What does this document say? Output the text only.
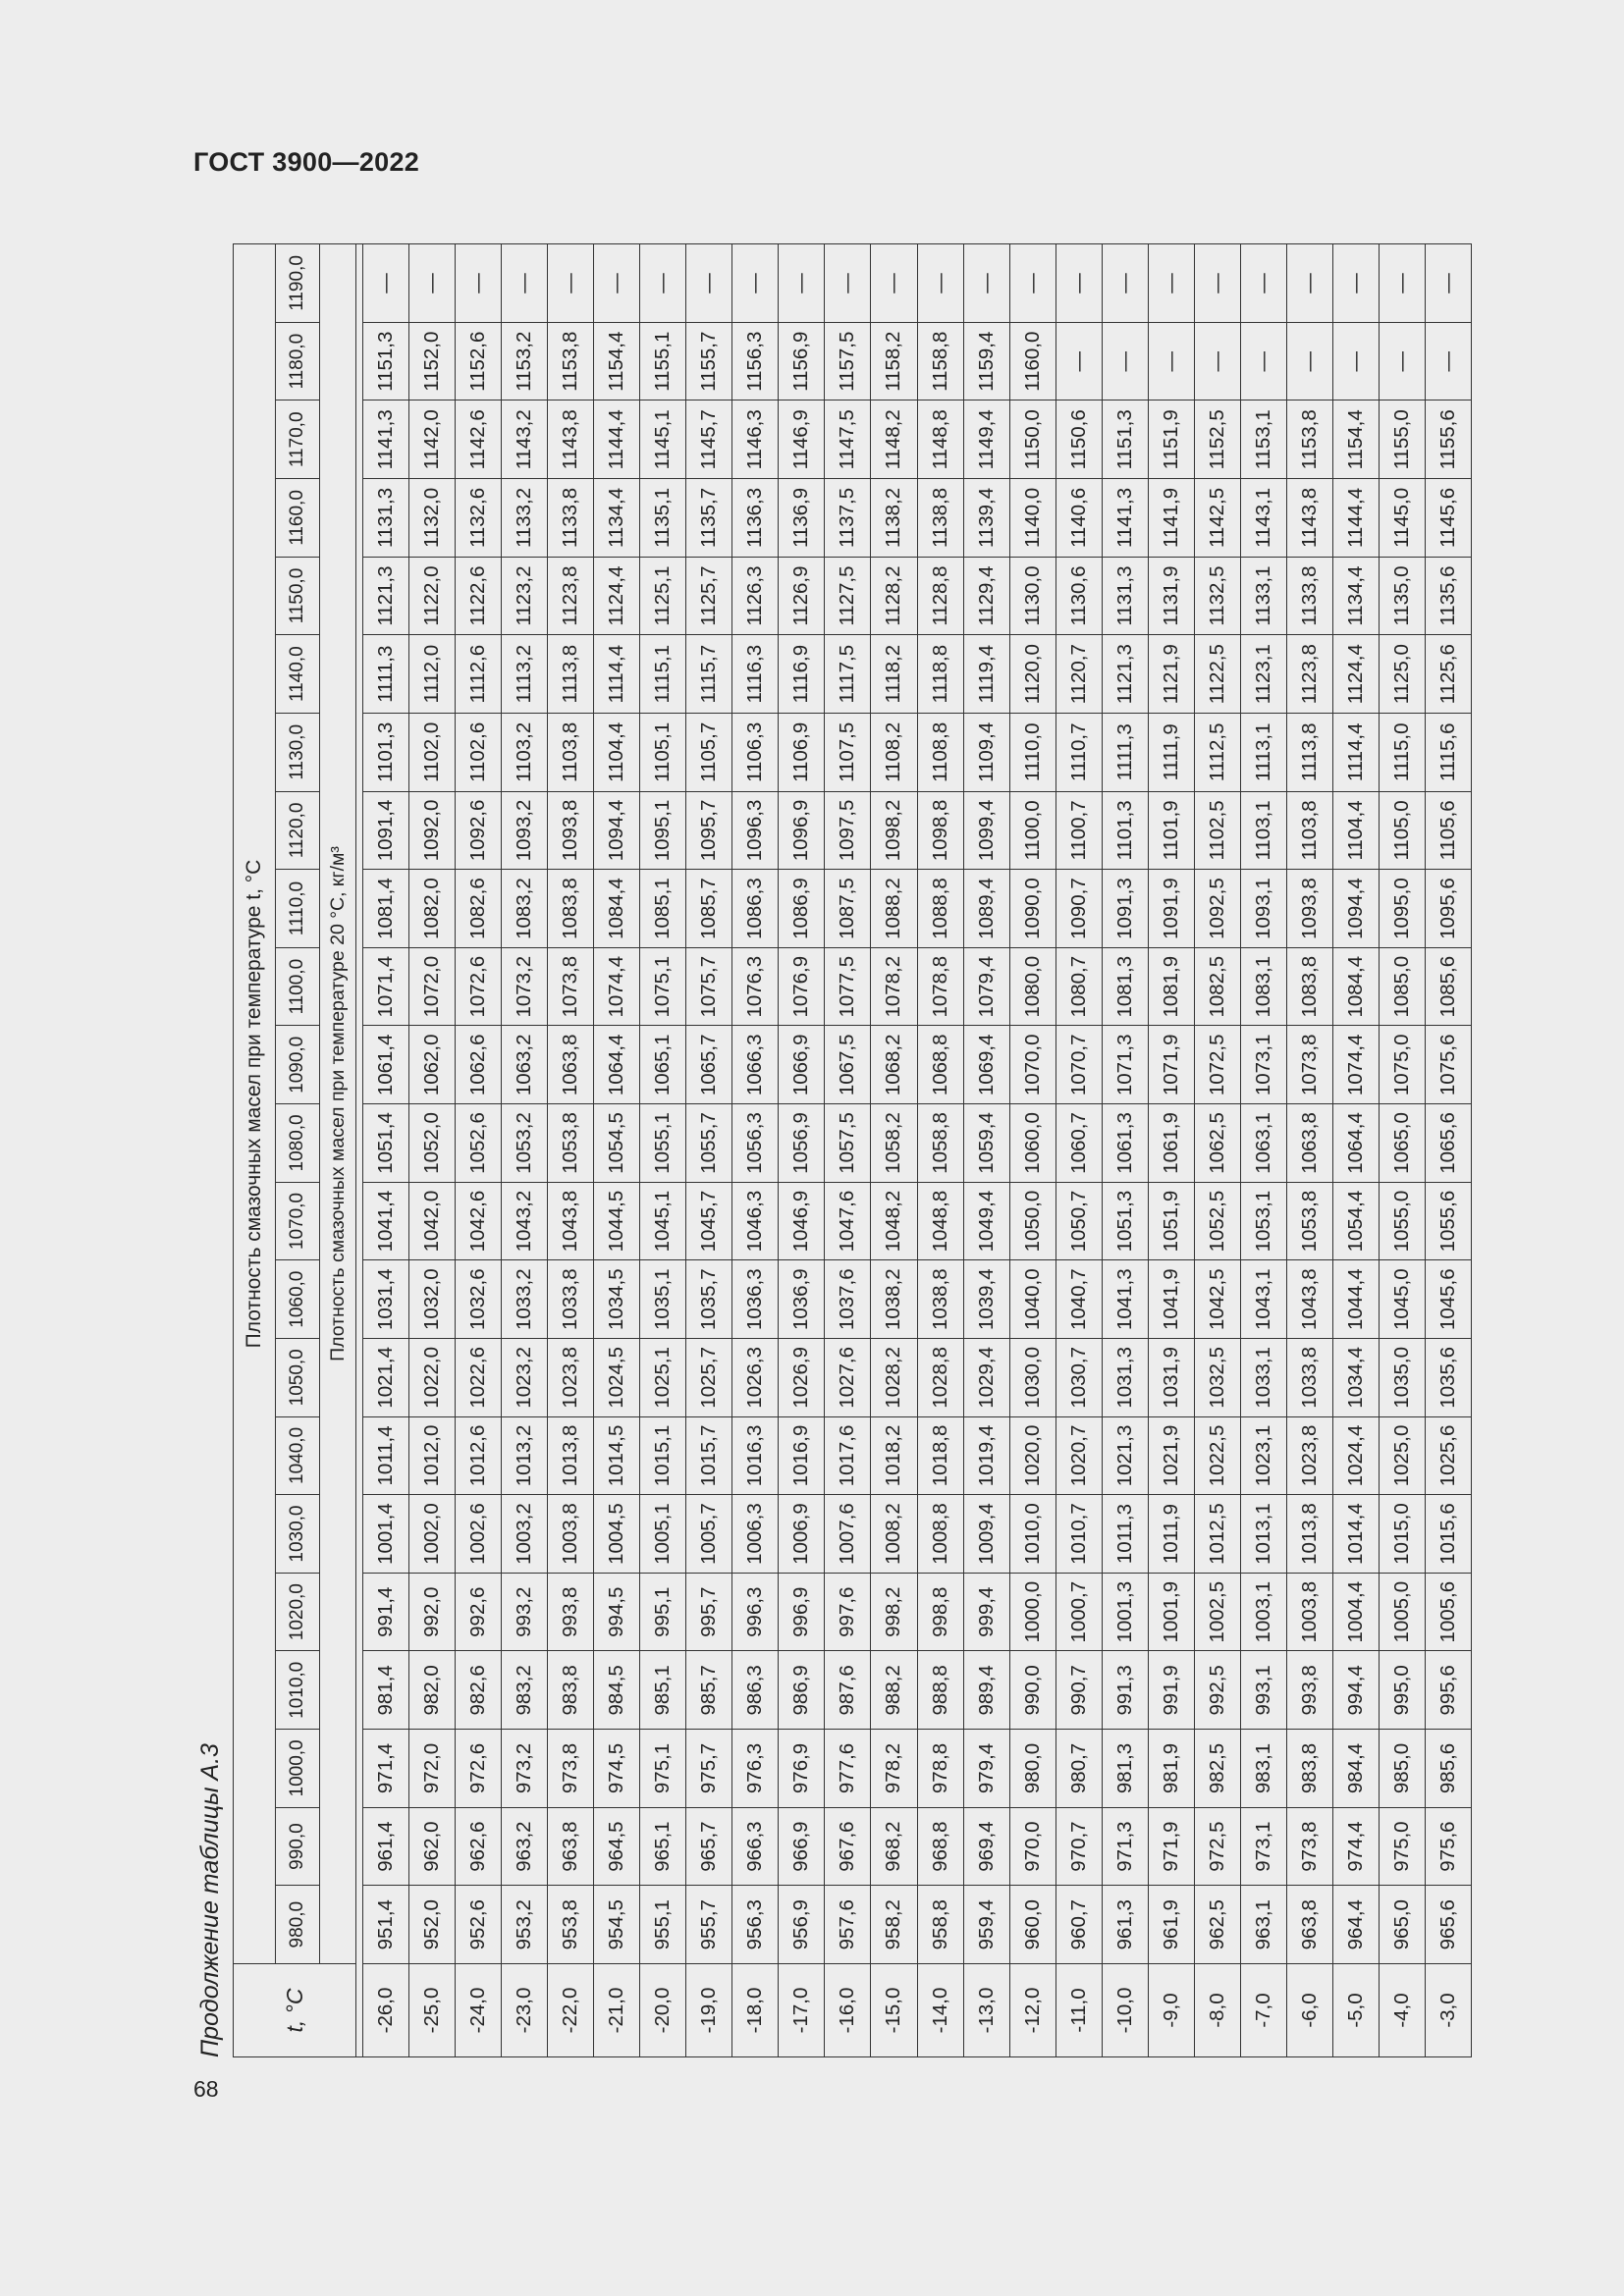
ГОСТ 3900—2022
68
Продолжение таблицы А.3	t, °C	Плотность смазочных масел при температуре t, °C																					
	980,0	990,0	1000,0	1010,0	1020,0	1030,0	1040,0	1050,0	1060,0	1070,0	1080,0	1090,0	1100,0	1110,0	1120,0	1130,0	1140,0	1150,0	1160,0	1170,0	1180,0	1190,0
	Плотность смазочных масел при температуре 20 °C, кг/м³																					

-26,0	951,4	961,4	971,4	981,4	991,4	1001,4	1011,4	1021,4	1031,4	1041,4	1051,4	1061,4	1071,4	1081,4	1091,4	1101,3	1111,3	1121,3	1131,3	1141,3	1151,3	—
-25,0	952,0	962,0	972,0	982,0	992,0	1002,0	1012,0	1022,0	1032,0	1042,0	1052,0	1062,0	1072,0	1082,0	1092,0	1102,0	1112,0	1122,0	1132,0	1142,0	1152,0	—
-24,0	952,6	962,6	972,6	982,6	992,6	1002,6	1012,6	1022,6	1032,6	1042,6	1052,6	1062,6	1072,6	1082,6	1092,6	1102,6	1112,6	1122,6	1132,6	1142,6	1152,6	—
-23,0	953,2	963,2	973,2	983,2	993,2	1003,2	1013,2	1023,2	1033,2	1043,2	1053,2	1063,2	1073,2	1083,2	1093,2	1103,2	1113,2	1123,2	1133,2	1143,2	1153,2	—
-22,0	953,8	963,8	973,8	983,8	993,8	1003,8	1013,8	1023,8	1033,8	1043,8	1053,8	1063,8	1073,8	1083,8	1093,8	1103,8	1113,8	1123,8	1133,8	1143,8	1153,8	—
-21,0	954,5	964,5	974,5	984,5	994,5	1004,5	1014,5	1024,5	1034,5	1044,5	1054,5	1064,4	1074,4	1084,4	1094,4	1104,4	1114,4	1124,4	1134,4	1144,4	1154,4	—
-20,0	955,1	965,1	975,1	985,1	995,1	1005,1	1015,1	1025,1	1035,1	1045,1	1055,1	1065,1	1075,1	1085,1	1095,1	1105,1	1115,1	1125,1	1135,1	1145,1	1155,1	—
-19,0	955,7	965,7	975,7	985,7	995,7	1005,7	1015,7	1025,7	1035,7	1045,7	1055,7	1065,7	1075,7	1085,7	1095,7	1105,7	1115,7	1125,7	1135,7	1145,7	1155,7	—
-18,0	956,3	966,3	976,3	986,3	996,3	1006,3	1016,3	1026,3	1036,3	1046,3	1056,3	1066,3	1076,3	1086,3	1096,3	1106,3	1116,3	1126,3	1136,3	1146,3	1156,3	—
-17,0	956,9	966,9	976,9	986,9	996,9	1006,9	1016,9	1026,9	1036,9	1046,9	1056,9	1066,9	1076,9	1086,9	1096,9	1106,9	1116,9	1126,9	1136,9	1146,9	1156,9	—
-16,0	957,6	967,6	977,6	987,6	997,6	1007,6	1017,6	1027,6	1037,6	1047,6	1057,5	1067,5	1077,5	1087,5	1097,5	1107,5	1117,5	1127,5	1137,5	1147,5	1157,5	—
-15,0	958,2	968,2	978,2	988,2	998,2	1008,2	1018,2	1028,2	1038,2	1048,2	1058,2	1068,2	1078,2	1088,2	1098,2	1108,2	1118,2	1128,2	1138,2	1148,2	1158,2	—
-14,0	958,8	968,8	978,8	988,8	998,8	1008,8	1018,8	1028,8	1038,8	1048,8	1058,8	1068,8	1078,8	1088,8	1098,8	1108,8	1118,8	1128,8	1138,8	1148,8	1158,8	—
-13,0	959,4	969,4	979,4	989,4	999,4	1009,4	1019,4	1029,4	1039,4	1049,4	1059,4	1069,4	1079,4	1089,4	1099,4	1109,4	1119,4	1129,4	1139,4	1149,4	1159,4	—
-12,0	960,0	970,0	980,0	990,0	1000,0	1010,0	1020,0	1030,0	1040,0	1050,0	1060,0	1070,0	1080,0	1090,0	1100,0	1110,0	1120,0	1130,0	1140,0	1150,0	1160,0	—
-11,0	960,7	970,7	980,7	990,7	1000,7	1010,7	1020,7	1030,7	1040,7	1050,7	1060,7	1070,7	1080,7	1090,7	1100,7	1110,7	1120,7	1130,6	1140,6	1150,6	—	—
-10,0	961,3	971,3	981,3	991,3	1001,3	1011,3	1021,3	1031,3	1041,3	1051,3	1061,3	1071,3	1081,3	1091,3	1101,3	1111,3	1121,3	1131,3	1141,3	1151,3	—	—
-9,0	961,9	971,9	981,9	991,9	1001,9	1011,9	1021,9	1031,9	1041,9	1051,9	1061,9	1071,9	1081,9	1091,9	1101,9	1111,9	1121,9	1131,9	1141,9	1151,9	—	—
-8,0	962,5	972,5	982,5	992,5	1002,5	1012,5	1022,5	1032,5	1042,5	1052,5	1062,5	1072,5	1082,5	1092,5	1102,5	1112,5	1122,5	1132,5	1142,5	1152,5	—	—
-7,0	963,1	973,1	983,1	993,1	1003,1	1013,1	1023,1	1033,1	1043,1	1053,1	1063,1	1073,1	1083,1	1093,1	1103,1	1113,1	1123,1	1133,1	1143,1	1153,1	—	—
-6,0	963,8	973,8	983,8	993,8	1003,8	1013,8	1023,8	1033,8	1043,8	1053,8	1063,8	1073,8	1083,8	1093,8	1103,8	1113,8	1123,8	1133,8	1143,8	1153,8	—	—
-5,0	964,4	974,4	984,4	994,4	1004,4	1014,4	1024,4	1034,4	1044,4	1054,4	1064,4	1074,4	1084,4	1094,4	1104,4	1114,4	1124,4	1134,4	1144,4	1154,4	—	—
-4,0	965,0	975,0	985,0	995,0	1005,0	1015,0	1025,0	1035,0	1045,0	1055,0	1065,0	1075,0	1085,0	1095,0	1105,0	1115,0	1125,0	1135,0	1145,0	1155,0	—	—
-3,0	965,6	975,6	985,6	995,6	1005,6	1015,6	1025,6	1035,6	1045,6	1055,6	1065,6	1075,6	1085,6	1095,6	1105,6	1115,6	1125,6	1135,6	1145,6	1155,6	—	—
